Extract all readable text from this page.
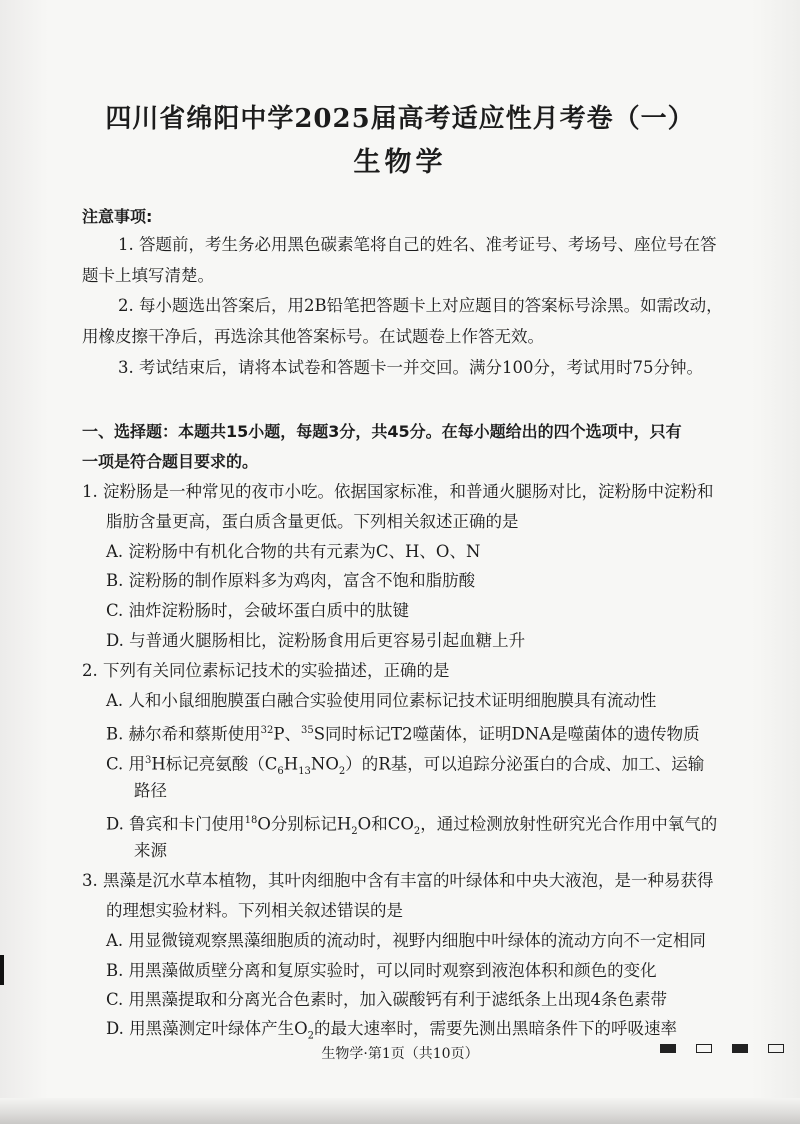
四川省绵阳中学2025届高考适应性月考卷（一）
生物学
注意事项:
1. 答题前，考生务必用黑色碳素笔将自己的姓名、准考证号、考场号、座位号在答
题卡上填写清楚。
2. 每小题选出答案后，用2B铅笔把答题卡上对应题目的答案标号涂黑。如需改动，
用橡皮擦干净后，再选涂其他答案标号。在试题卷上作答无效。
3. 考试结束后，请将本试卷和答题卡一并交回。满分100分，考试用时75分钟。
一、选择题：本题共15小题，每题3分，共45分。在每小题给出的四个选项中，只有
一项是符合题目要求的。
1. 淀粉肠是一种常见的夜市小吃。依据国家标准，和普通火腿肠对比，淀粉肠中淀粉和
脂肪含量更高，蛋白质含量更低。下列相关叙述正确的是
A. 淀粉肠中有机化合物的共有元素为C、H、O、N
B. 淀粉肠的制作原料多为鸡肉，富含不饱和脂肪酸
C. 油炸淀粉肠时，会破坏蛋白质中的肽键
D. 与普通火腿肠相比，淀粉肠食用后更容易引起血糖上升
2. 下列有关同位素标记技术的实验描述，正确的是
A. 人和小鼠细胞膜蛋白融合实验使用同位素标记技术证明细胞膜具有流动性
B. 赫尔希和蔡斯使用$^{32}$P、$^{35}$S同时标记T2噬菌体，证明DNA是噬菌体的遗传物质
C. 用$^3$H标记亮氨酸$(C_6H_{13}NO_2)$的R基，可以追踪分泌蛋白的合成、加工、运输
路径
D. 鲁宾和卡门使用$^{18}$O分别标记$H_2O$和$CO_2$，通过检测放射性研究光合作用中氧气的
来源
3. 黑藻是沉水草本植物，其叶肉细胞中含有丰富的叶绿体和中央大液泡，是一种易获得
的理想实验材料。下列相关叙述错误的是
A. 用显微镜观察黑藻细胞质的流动时，视野内细胞中叶绿体的流动方向不一定相同
B. 用黑藻做质壁分离和复原实验时，可以同时观察到液泡体积和颜色的变化
C. 用黑藻提取和分离光合色素时，加入碳酸钙有利于滤纸条上出现4条色素带
D. 用黑藻测定叶绿体产生$O_2$的最大速率时，需要先测出黑暗条件下的呼吸速率
生物学·第1页（共10页）
